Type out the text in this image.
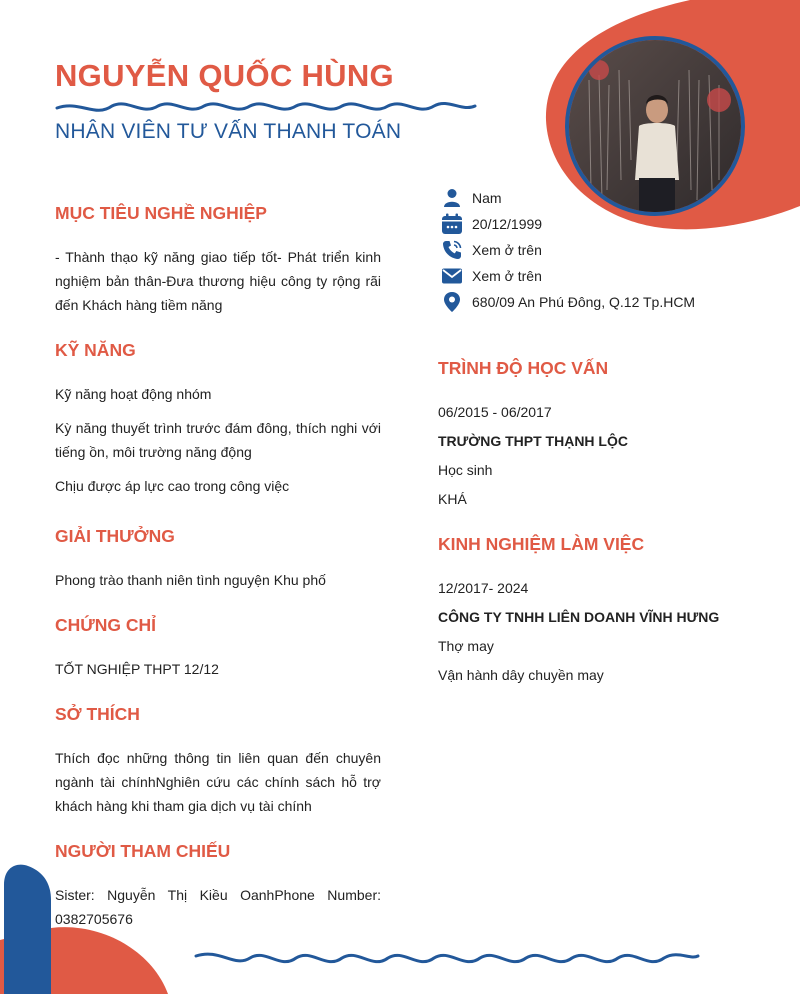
NGUYỄN QUỐC HÙNG
NHÂN VIÊN TƯ VẤN THANH TOÁN
Nam
20/12/1999
Xem ở trên
Xem ở trên
680/09 An Phú Đông, Q.12 Tp.HCM
MỤC TIÊU NGHỀ NGHIỆP
- Thành thạo kỹ năng giao tiếp tốt- Phát triển kinh nghiệm bản thân-Đưa thương hiệu công ty rộng rãi đến Khách hàng tiềm năng
KỸ NĂNG
Kỹ năng hoạt động nhóm
Kỳ năng thuyết trình trước đám đông, thích nghi với tiếng ồn, môi trường năng động
Chịu được áp lực cao trong công việc
GIẢI THƯỞNG
Phong trào thanh niên tình nguyện Khu phố
CHỨNG CHỈ
TỐT NGHIỆP THPT 12/12
SỞ THÍCH
Thích đọc những thông tin liên quan đến chuyên ngành tài chínhNghiên cứu các chính sách hỗ trợ khách hàng khi tham gia dịch vụ tài chính
NGƯỜI THAM CHIẾU
Sister: Nguyễn Thị Kiều OanhPhone Number: 0382705676
TRÌNH ĐỘ HỌC VẤN
06/2015 - 06/2017
TRƯỜNG THPT THẠNH LỘC
Học sinh
KHÁ
KINH NGHIỆM LÀM VIỆC
12/2017- 2024
CÔNG TY TNHH LIÊN DOANH VĨNH HƯNG
Thợ may
Vận hành dây chuyền may
